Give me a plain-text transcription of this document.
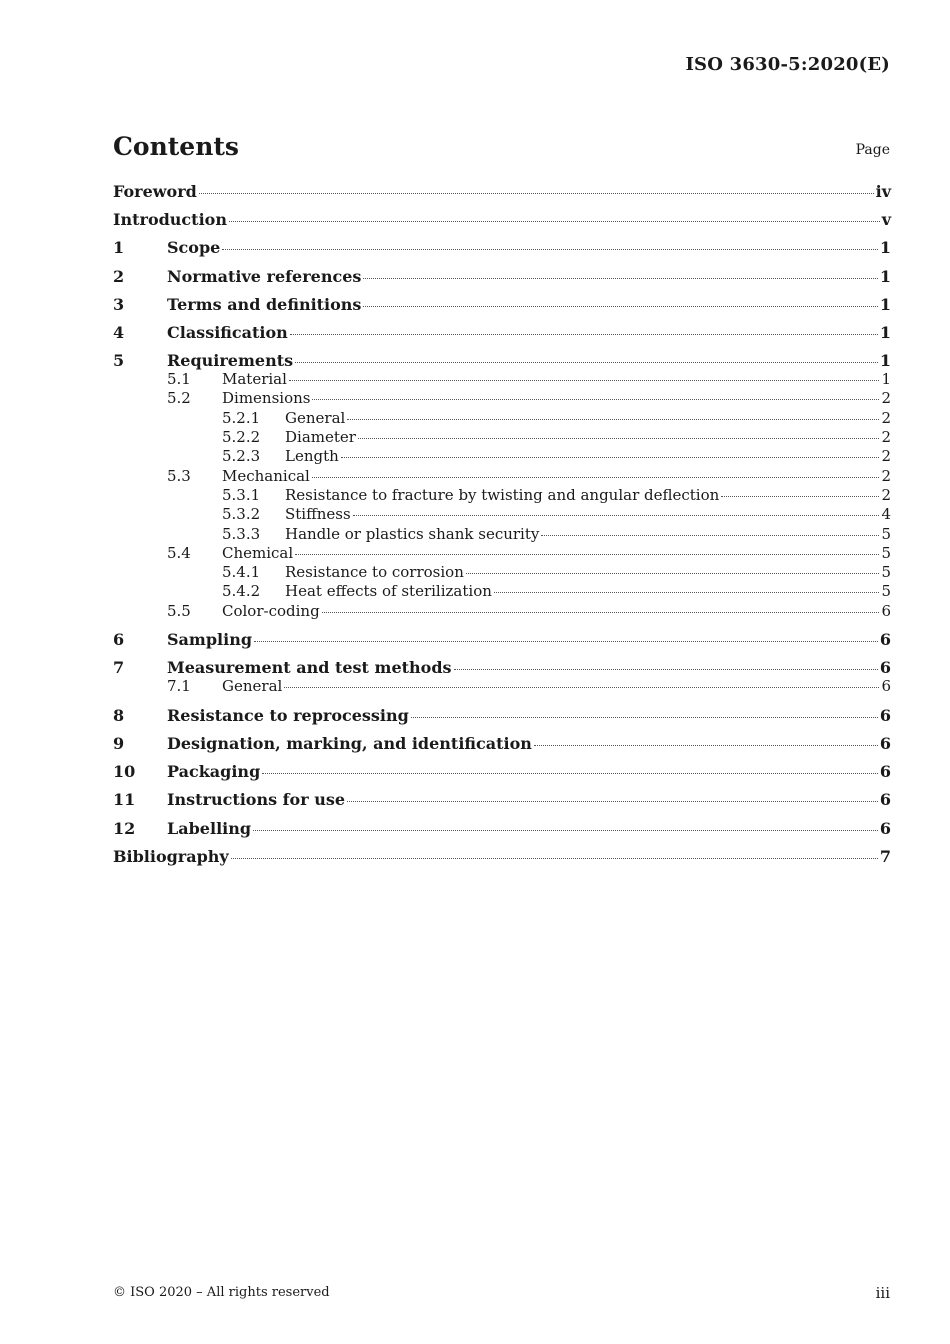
ISO 3630-5:2020(E)
Contents	Page
Foreword	iv
Introduction	v
1	Scope	1
2	Normative references	1
3	Terms and definitions	1
4	Classification	1
5	Requirements	1
5.1	Material	1
5.2	Dimensions	2
5.2.1	General	2
5.2.2	Diameter	2
5.2.3	Length	2
5.3	Mechanical	2
5.3.1	Resistance to fracture by twisting and angular deflection	2
5.3.2	Stiffness	4
5.3.3	Handle or plastics shank security	5
5.4	Chemical	5
5.4.1	Resistance to corrosion	5
5.4.2	Heat effects of sterilization	5
5.5	Color-coding	6
6	Sampling	6
7	Measurement and test methods	6
7.1	General	6
8	Resistance to reprocessing	6
9	Designation, marking, and identification	6
10	Packaging	6
11	Instructions for use	6
12	Labelling	6
Bibliography	7
© ISO 2020 – All rights reserved	iii
